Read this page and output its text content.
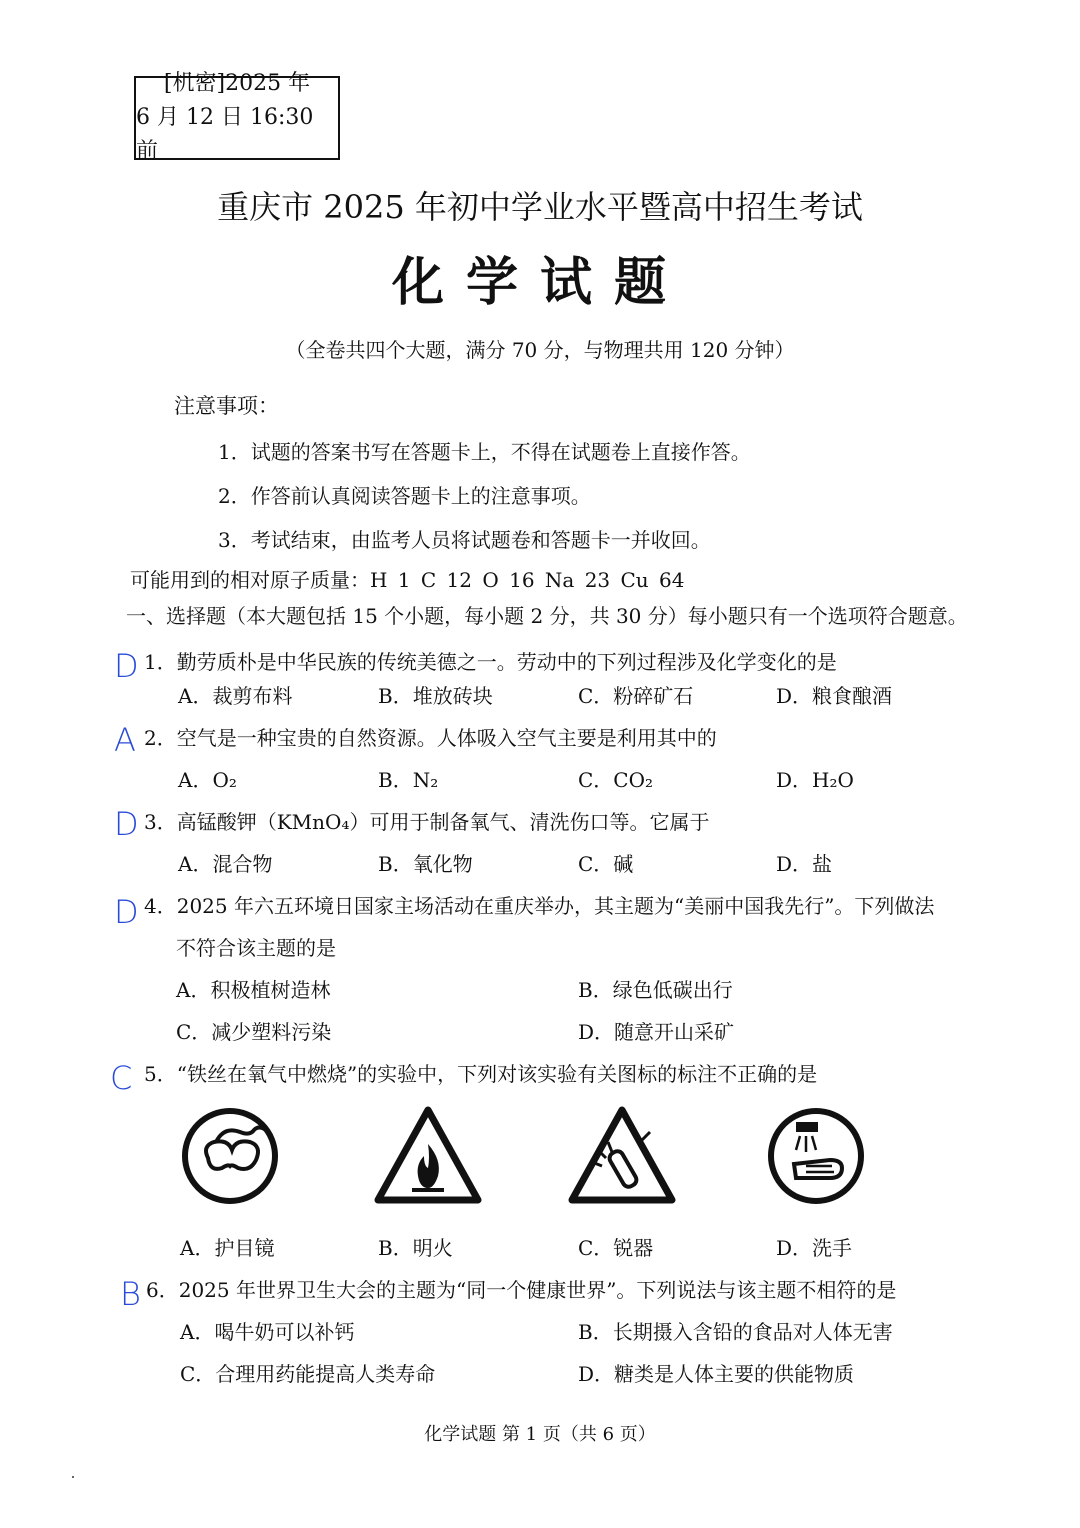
[机密]2025 年
6 月 12 日 16:30 前
重庆市 2025 年初中学业水平暨高中招生考试
化学试题
（全卷共四个大题，满分 70 分，与物理共用 120 分钟）
注意事项：
1．试题的答案书写在答题卡上，不得在试题卷上直接作答。
2．作答前认真阅读答题卡上的注意事项。
3．考试结束，由监考人员将试题卷和答题卡一并收回。
可能用到的相对原子质量：H 1 C 12 O 16 Na 23 Cu 64
一、选择题（本大题包括 15 个小题，每小题 2 分，共 30 分）每小题只有一个选项符合题意。
D 1．勤劳质朴是中华民族的传统美德之一。劳动中的下列过程涉及化学变化的是
A．裁剪布料	B．堆放砖块	C．粉碎矿石	D．粮食酿酒
A 2．空气是一种宝贵的自然资源。人体吸入空气主要是利用其中的
A．O₂	B．N₂	C．CO₂	D．H₂O
D 3．高锰酸钾（KMnO₄）可用于制备氧气、清洗伤口等。它属于
A．混合物	B．氧化物	C．碱	D．盐
D 4．2025 年六五环境日国家主场活动在重庆举办，其主题为“美丽中国我先行”。下列做法
不符合该主题的是
A．积极植树造林	B．绿色低碳出行
C．减少塑料污染	D．随意开山采矿
C 5．“铁丝在氧气中燃烧”的实验中，下列对该实验有关图标的标注不正确的是
A．护目镜	B．明火	C．锐器	D．洗手
B 6．2025 年世界卫生大会的主题为“同一个健康世界”。下列说法与该主题不相符的是
A．喝牛奶可以补钙	B．长期摄入含铅的食品对人体无害
C．合理用药能提高人类寿命	D．糖类是人体主要的供能物质
化学试题 第 1 页（共 6 页）
